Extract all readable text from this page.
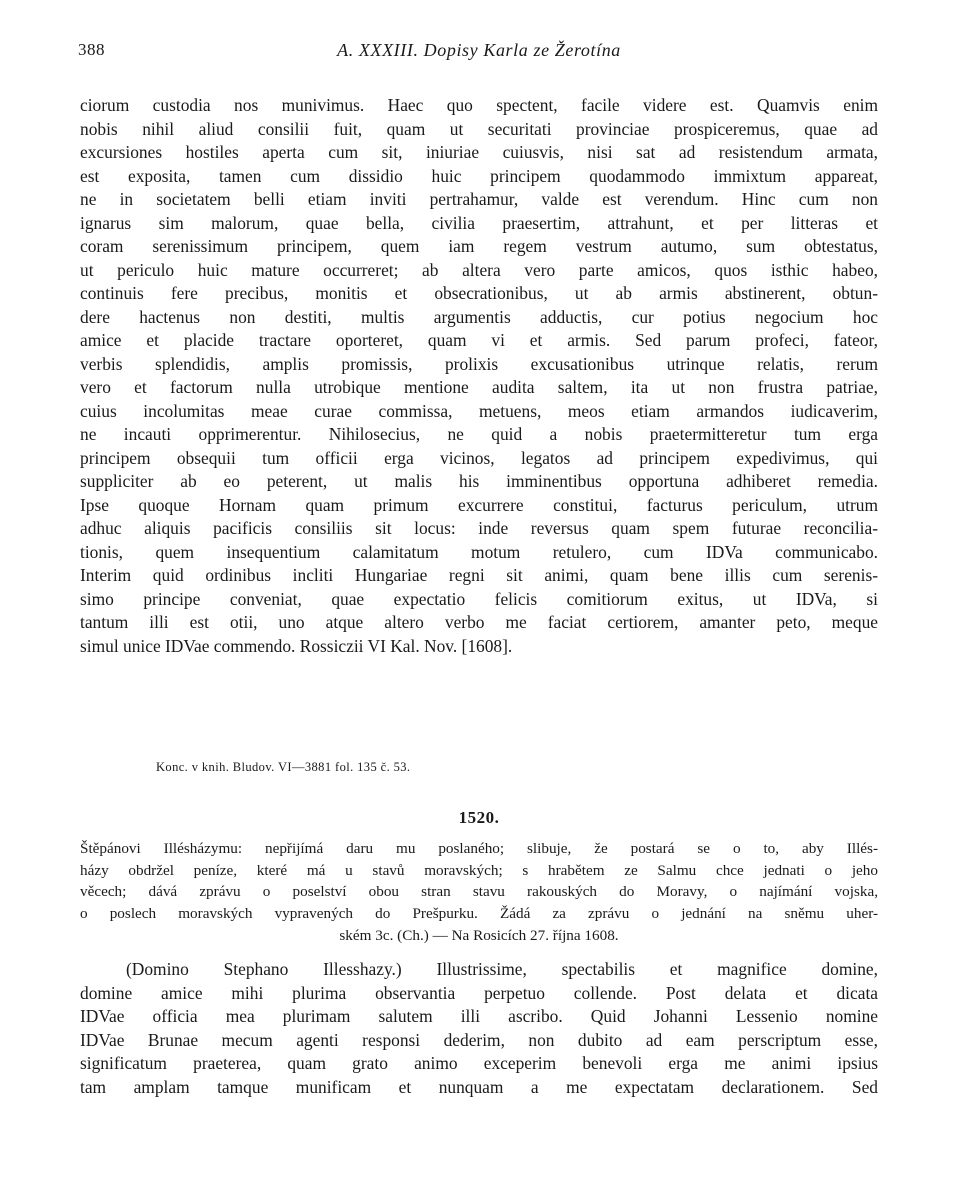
388	A. XXXIII. Dopisy Karla ze Žerotína
ciorum custodia nos munivimus. Haec quo spectent, facile videre est. Quamvis enim
nobis nihil aliud consilii fuit, quam ut securitati provinciae prospiceremus, quae ad
excursiones hostiles aperta cum sit, iniuriae cuiusvis, nisi sat ad resistendum armata,
est exposita, tamen cum dissidio huic principem quodammodo immixtum appareat,
ne in societatem belli etiam inviti pertrahamur, valde est verendum. Hinc cum non
ignarus sim malorum, quae bella, civilia praesertim, attrahunt, et per litteras et
coram serenissimum principem, quem iam regem vestrum autumo, sum obtestatus,
ut periculo huic mature occurreret; ab altera vero parte amicos, quos isthic habeo,
continuis fere precibus, monitis et obsecrationibus, ut ab armis abstinerent, obtun-
dere hactenus non destiti, multis argumentis adductis, cur potius negocium hoc
amice et placide tractare oporteret, quam vi et armis. Sed parum profeci, fateor,
verbis splendidis, amplis promissis, prolixis excusationibus utrinque relatis, rerum
vero et factorum nulla utrobique mentione audita saltem, ita ut non frustra patriae,
cuius incolumitas meae curae commissa, metuens, meos etiam armandos iudicaverim,
ne incauti opprimerentur. Nihilosecius, ne quid a nobis praetermitteretur tum erga
principem obsequii tum officii erga vicinos, legatos ad principem expedivimus, qui
suppliciter ab eo peterent, ut malis his imminentibus opportuna adhiberet remedia.
Ipse quoque Hornam quam primum excurrere constitui, facturus periculum, utrum
adhuc aliquis pacificis consiliis sit locus: inde reversus quam spem futurae reconcilia-
tionis, quem insequentium calamitatum motum retulero, cum IDVa communicabo.
Interim quid ordinibus incliti Hungariae regni sit animi, quam bene illis cum serenis-
simo principe conveniat, quae expectatio felicis comitiorum exitus, ut IDVa, si
tantum illi est otii, uno atque altero verbo me faciat certiorem, amanter peto, meque
simul unice IDVae commendo. Rossiczii VI Kal. Nov. [1608].
Konc. v knih. Bludov. VI—3881 fol. 135 č. 53.
1520.
Štěpánovi Illésházymu: nepřijímá daru mu poslaného; slibuje, že postará se o to, aby Illés-
házy obdržel peníze, které má u stavů moravských; s hrabětem ze Salmu chce jednati o jeho
věcech; dává zprávu o poselství obou stran stavu rakouských do Moravy, o najímání vojska,
o poslech moravských vypravených do Prešpurku. Žádá za zprávu o jednání na sněmu uher-
ském 3c. (Ch.) — Na Rosicích 27. října 1608.
(Domino Stephano Illesshazy.) Illustrissime, spectabilis et magnifice domine,
domine amice mihi plurima observantia perpetuo collende. Post delata et dicata
IDVae officia mea plurimam salutem illi ascribo. Quid Johanni Lessenio nomine
IDVae Brunae mecum agenti responsi dederim, non dubito ad eam perscriptum esse,
significatum praeterea, quam grato animo exceperim benevoli erga me animi ipsius
tam amplam tamque munificam et nunquam a me expectatam declarationem. Sed
